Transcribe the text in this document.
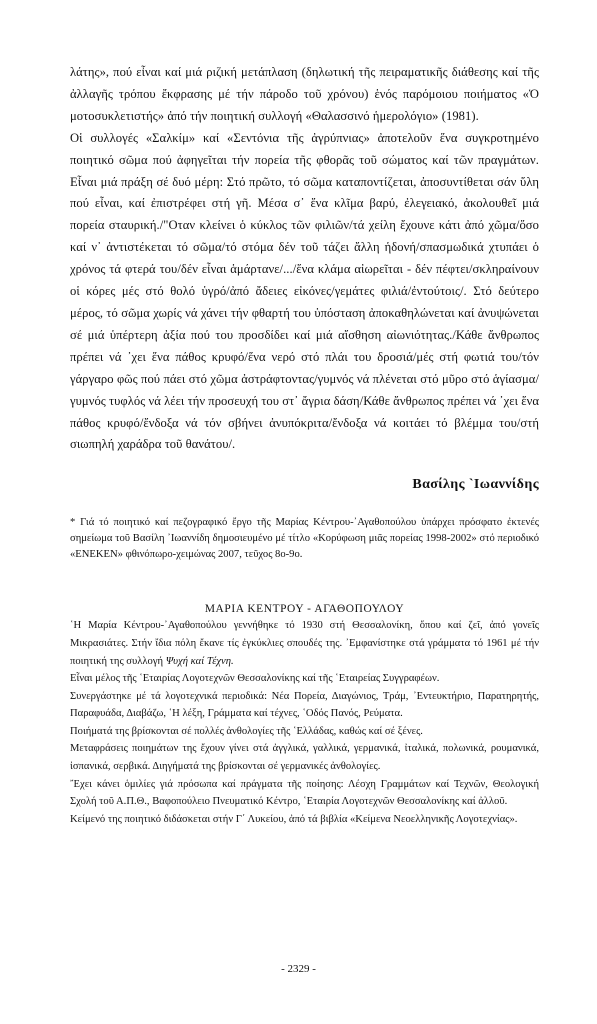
λάτης», πού εἶναι καί μιά ριζική μετάπλαση (δηλωτική τῆς πειραματικῆς διάθεσης καί τῆς ἀλλαγῆς τρόπου ἔκφρασης μέ τήν πάροδο τοῦ χρόνου) ἑνός παρόμοιου ποιήματος «Ὁ μοτοσυκλετιστής» ἀπό τήν ποιητική συλλογή «Θαλασσινό ἡμερολόγιο» (1981).

Οἱ συλλογές «Σαλκίμ» καί «Σεντόνια τῆς ἀγρύπνιας» ἀποτελοῦν ἕνα συγκροτημένο ποιητικό σῶμα πού ἀφηγεῖται τήν πορεία τῆς φθορᾶς τοῦ σώματος καί τῶν πραγμάτων. Εἶναι μιά πράξη σέ δυό μέρη: Στό πρῶτο, τό σῶμα καταποντίζεται, ἀποσυντίθεται σάν ὕλη πού εἶναι, καί ἐπιστρέφει στή γῆ. Μέσα σ᾽ ἕνα κλῖμα βαρύ, ἐλεγειακό, ἀκολουθεῖ μιά πορεία σταυρική./"Οταν κλείνει ὁ κύκλος τῶν φιλιῶν/τά χείλη ἔχουνε κάτι ἀπό χῶμα/ὅσο καί ν᾽ ἀντιστέκεται τό σῶμα/τό στόμα δέν τοῦ τάζει ἄλλη ἡδονή/σπασμωδικά χτυπάει ὁ χρόνος τά φτερά του/δέν εἶναι ἁμάρτανε/.../ἕνα κλάμα αἰωρεῖται - δέν πέφτει/σκληραίνουν οἱ κόρες μές στό θολό ὑγρό/ἀπό ἄδειες εἰκόνες/γεμάτες φιλιά/ἐντούτοις/. Στό δεύτερο μέρος, τό σῶμα χωρίς νά χάνει τήν φθαρτή του ὑπόσταση ἀποκαθηλώνεται καί ἀνυψώνεται σέ μιά ὑπέρτερη ἀξία πού του προσδίδει καί μιά αἴσθηση αἰωνιότητας./Κάθε ἄνθρωπος πρέπει νά ᾽χει ἕνα πάθος κρυφό/ἕνα νερό στό πλάι του δροσιά/μές στή φωτιά του/τόν γάργαρο φῶς πού πάει στό χῶμα ἀστράφτοντας/γυμνός νά πλένεται στό μῦρο στό ἁγίασμα/γυμνός τυφλός νά λέει τήν προσευχή του στ᾽ ἄγρια δάση/Κάθε ἄνθρωπος πρέπει νά ᾽χει ἕνα πάθος κρυφό/ἔνδοξα νά τόν σβήνει ἀνυπόκριτα/ἔνδοξα νά κοιτάει τό βλέμμα του/στή σιωπηλή χαράδρα τοῦ θανάτου/.

Βασίλης `Ιωαννίδης
* Γιά τό ποιητικό καί πεζογραφικό ἔργο τῆς Μαρίας Κέντρου-᾽Αγαθοπούλου ὑπάρχει πρόσφατο ἐκτενές σημείωμα τοῦ Βασίλη ᾽Ιωαννίδη δημοσιευμένο μέ τίτλο «Κορύφωση μιᾶς πορείας 1998-2002» στό περιοδικό «ΕΝΕΚΕΝ» φθινόπωρο-χειμώνας 2007, τεῦχος 8ο-9ο.
ΜΑΡΙΑ ΚΕΝΤΡΟΥ - ΑΓΑΘΟΠΟΥΛΟΥ

῾Η Μαρία Κέντρου-᾽Αγαθοπούλου γεννήθηκε τό 1930 στή Θεσσαλονίκη, ὅπου καί ζεῖ, ἀπό γονεῖς Μικρασιάτες. Στήν ἴδια πόλη ἔκανε τίς ἐγκύκλιες σπουδές της. ᾽Εμφανίστηκε στά γράμματα τό 1961 μέ τήν ποιητική της συλλογή Ψυχή καί Τέχνη.

Εἶναι μέλος τῆς ῾Εταιρίας Λογοτεχνῶν Θεσσαλονίκης καί τῆς ῾Εταιρείας Συγγραφέων.

Συνεργάστηκε μέ τά λογοτεχνικά περιοδικά: Νέα Πορεία, Διαγώνιος, Τράμ, ᾽Εντευκτήριο, Παρατηρητής, Παραφυάδα, Διαβάζω, ῾Η λέξη, Γράμματα καί τέχνες, ῾Οδός Πανός, Ρεύματα.

Ποιήματά της βρίσκονται σέ πολλές ἀνθολογίες τῆς ῾Ελλάδας, καθώς καί σέ ξένες.

Μεταφράσεις ποιημάτων της ἔχουν γίνει στά ἀγγλικά, γαλλικά, γερμανικά, ἰταλικά, πολωνικά, ρουμανικά, ἰσπανικά, σερβικά. Διηγήματά της βρίσκονται σέ γερμανικές ἀνθολογίες.

῎Εχει κάνει ὁμιλίες γιά πρόσωπα καί πράγματα τῆς ποίησης: Λέσχη Γραμμάτων καί Τεχνῶν, Θεολογική Σχολή τοῦ Α.Π.Θ., Βαφοπούλειο Πνευματικό Κέντρο, ῾Εταιρία Λογοτεχνῶν Θεσσαλονίκης καί ἀλλοῦ.

Κείμενό της ποιητικό διδάσκεται στήν Γ΄ Λυκείου, ἀπό τά βιβλία «Κείμενα Νεοελληνικῆς Λογοτεχνίας».

- 2329 -
